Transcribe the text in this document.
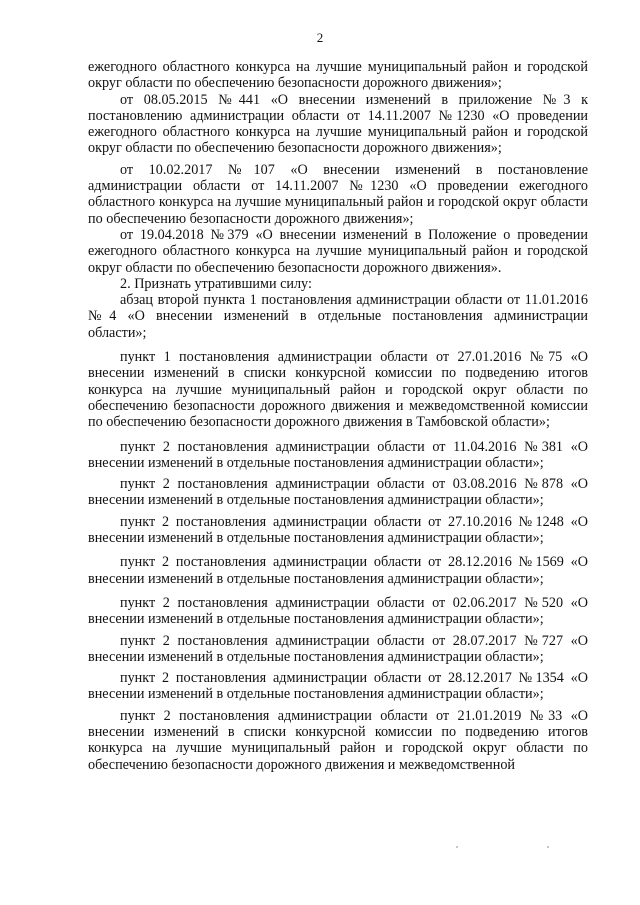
2

ежегодного областного конкурса на лучшие муниципальный район и городской округ области по обеспечению безопасности дорожного движения»;

от 08.05.2015 №441 «О внесении изменений в приложение №3 к постановлению администрации области от 14.11.2007 №1230 «О проведении ежегодного областного конкурса на лучшие муниципальный район и городской округ области по обеспечению безопасности дорожного движения»;

от 10.02.2017 №107 «О внесении изменений в постановление администрации области от 14.11.2007 №1230 «О проведении ежегодного областного конкурса на лучшие муниципальный район и городской округ области по обеспечению безопасности дорожного движения»;

от 19.04.2018 №379 «О внесении изменений в Положение о проведении ежегодного областного конкурса на лучшие муниципальный район и городской округ области по обеспечению безопасности дорожного движения».

2. Признать утратившими силу:

абзац второй пункта 1 постановления администрации области от 11.01.2016 №4 «О внесении изменений в отдельные постановления администрации области»;

пункт 1 постановления администрации области от 27.01.2016 №75 «О внесении изменений в списки конкурсной комиссии по подведению итогов конкурса на лучшие муниципальный район и городской округ области по обеспечению безопасности дорожного движения и межведомственной комиссии по обеспечению безопасности дорожного движения в Тамбовской области»;

пункт 2 постановления администрации области от 11.04.2016 №381 «О внесении изменений в отдельные постановления администрации области»;

пункт 2 постановления администрации области от 03.08.2016 №878 «О внесении изменений в отдельные постановления администрации области»;

пункт 2 постановления администрации области от 27.10.2016 №1248 «О внесении изменений в отдельные постановления администрации области»;

пункт 2 постановления администрации области от 28.12.2016 №1569 «О внесении изменений в отдельные постановления администрации области»;

пункт 2 постановления администрации области от 02.06.2017 №520 «О внесении изменений в отдельные постановления администрации области»;

пункт 2 постановления администрации области от 28.07.2017 №727 «О внесении изменений в отдельные постановления администрации области»;

пункт 2 постановления администрации области от 28.12.2017 №1354 «О внесении изменений в отдельные постановления администрации области»;

пункт 2 постановления администрации области от 21.01.2019 №33 «О внесении изменений в списки конкурсной комиссии по подведению итогов конкурса на лучшие муниципальный район и городской округ области по обеспечению безопасности дорожного движения и межведомственной
